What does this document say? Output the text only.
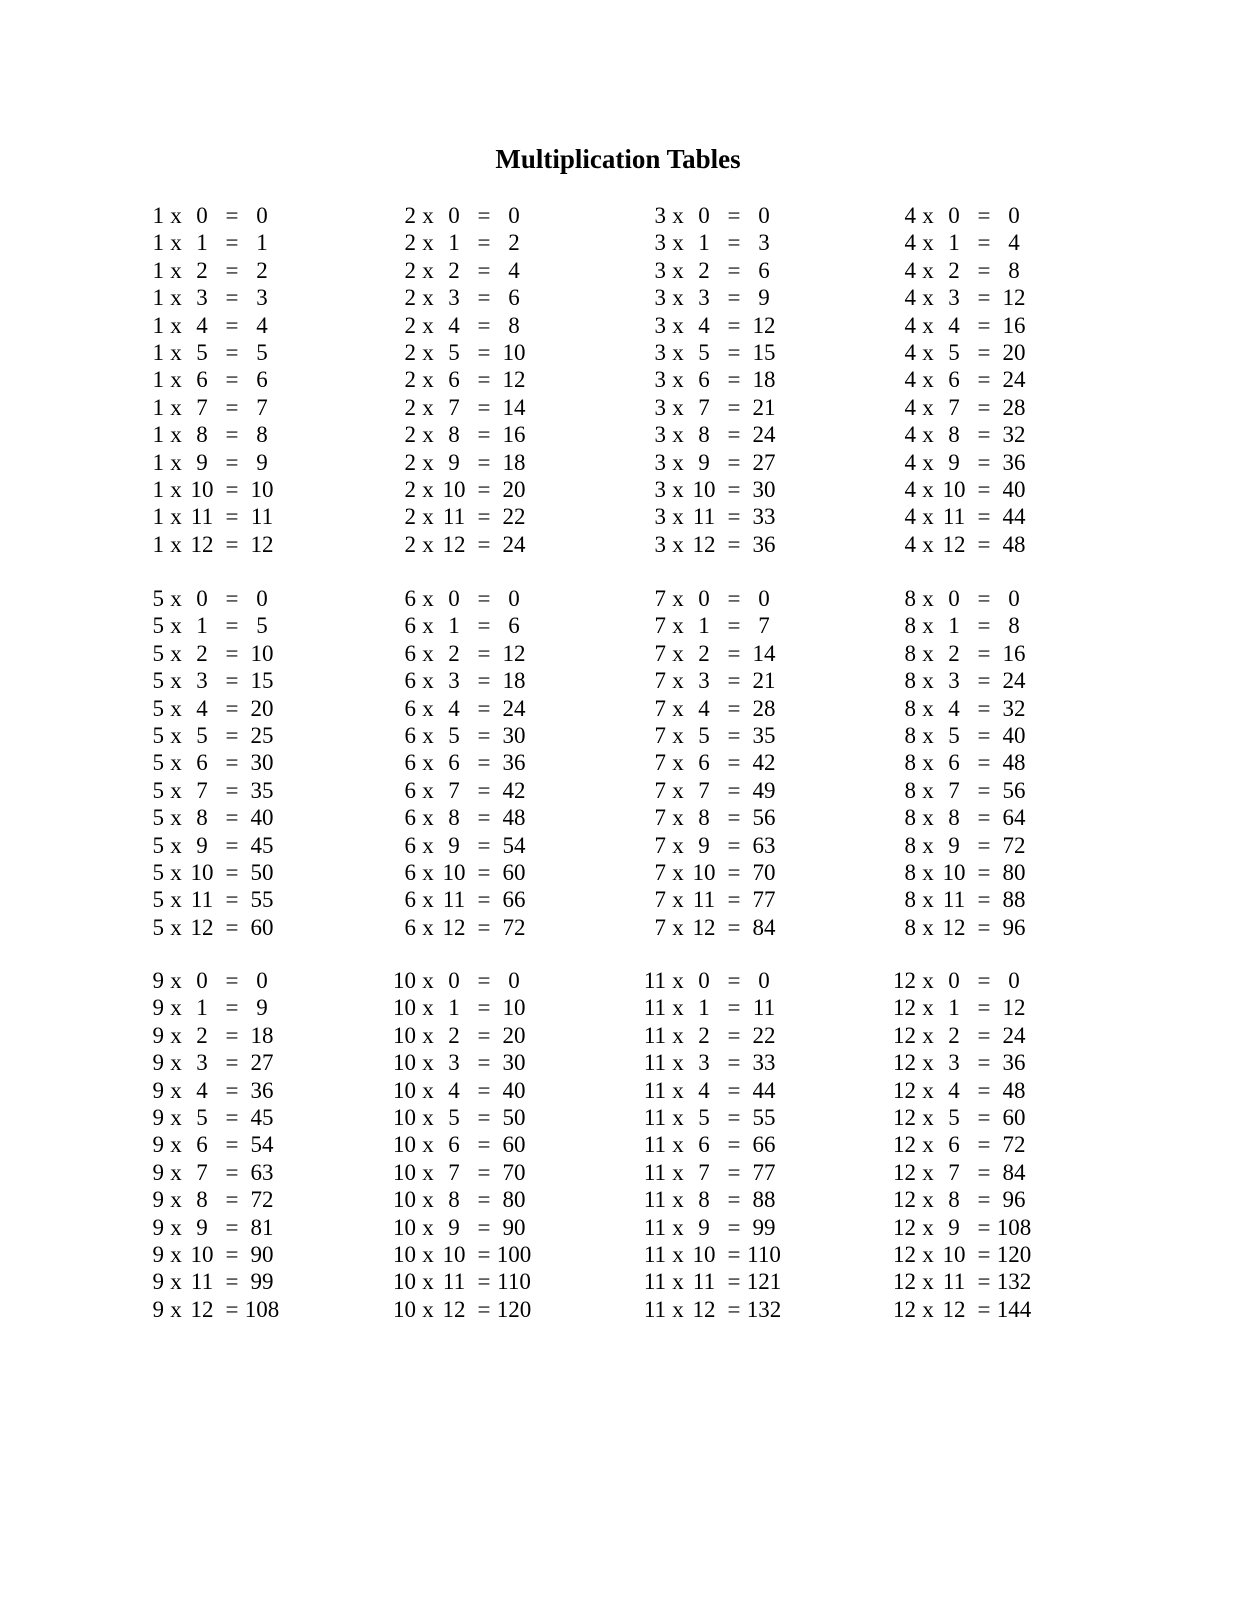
Multiplication Tables
1 x 0 = 0
1 x 1 = 1
1 x 2 = 2
1 x 3 = 3
1 x 4 = 4
1 x 5 = 5
1 x 6 = 6
1 x 7 = 7
1 x 8 = 8
1 x 9 = 9
1 x 10 = 10
1 x 11 = 11
1 x 12 = 12
2 x 0 = 0
2 x 1 = 2
2 x 2 = 4
2 x 3 = 6
2 x 4 = 8
2 x 5 = 10
2 x 6 = 12
2 x 7 = 14
2 x 8 = 16
2 x 9 = 18
2 x 10 = 20
2 x 11 = 22
2 x 12 = 24
3 x 0 = 0
3 x 1 = 3
3 x 2 = 6
3 x 3 = 9
3 x 4 = 12
3 x 5 = 15
3 x 6 = 18
3 x 7 = 21
3 x 8 = 24
3 x 9 = 27
3 x 10 = 30
3 x 11 = 33
3 x 12 = 36
4 x 0 = 0
4 x 1 = 4
4 x 2 = 8
4 x 3 = 12
4 x 4 = 16
4 x 5 = 20
4 x 6 = 24
4 x 7 = 28
4 x 8 = 32
4 x 9 = 36
4 x 10 = 40
4 x 11 = 44
4 x 12 = 48
5 x 0 = 0
5 x 1 = 5
5 x 2 = 10
5 x 3 = 15
5 x 4 = 20
5 x 5 = 25
5 x 6 = 30
5 x 7 = 35
5 x 8 = 40
5 x 9 = 45
5 x 10 = 50
5 x 11 = 55
5 x 12 = 60
6 x 0 = 0
6 x 1 = 6
6 x 2 = 12
6 x 3 = 18
6 x 4 = 24
6 x 5 = 30
6 x 6 = 36
6 x 7 = 42
6 x 8 = 48
6 x 9 = 54
6 x 10 = 60
6 x 11 = 66
6 x 12 = 72
7 x 0 = 0
7 x 1 = 7
7 x 2 = 14
7 x 3 = 21
7 x 4 = 28
7 x 5 = 35
7 x 6 = 42
7 x 7 = 49
7 x 8 = 56
7 x 9 = 63
7 x 10 = 70
7 x 11 = 77
7 x 12 = 84
8 x 0 = 0
8 x 1 = 8
8 x 2 = 16
8 x 3 = 24
8 x 4 = 32
8 x 5 = 40
8 x 6 = 48
8 x 7 = 56
8 x 8 = 64
8 x 9 = 72
8 x 10 = 80
8 x 11 = 88
8 x 12 = 96
9 x 0 = 0
9 x 1 = 9
9 x 2 = 18
9 x 3 = 27
9 x 4 = 36
9 x 5 = 45
9 x 6 = 54
9 x 7 = 63
9 x 8 = 72
9 x 9 = 81
9 x 10 = 90
9 x 11 = 99
9 x 12 = 108
10 x 0 = 0
10 x 1 = 10
10 x 2 = 20
10 x 3 = 30
10 x 4 = 40
10 x 5 = 50
10 x 6 = 60
10 x 7 = 70
10 x 8 = 80
10 x 9 = 90
10 x 10 = 100
10 x 11 = 110
10 x 12 = 120
11 x 0 = 0
11 x 1 = 11
11 x 2 = 22
11 x 3 = 33
11 x 4 = 44
11 x 5 = 55
11 x 6 = 66
11 x 7 = 77
11 x 8 = 88
11 x 9 = 99
11 x 10 = 110
11 x 11 = 121
11 x 12 = 132
12 x 0 = 0
12 x 1 = 12
12 x 2 = 24
12 x 3 = 36
12 x 4 = 48
12 x 5 = 60
12 x 6 = 72
12 x 7 = 84
12 x 8 = 96
12 x 9 = 108
12 x 10 = 120
12 x 11 = 132
12 x 12 = 144
